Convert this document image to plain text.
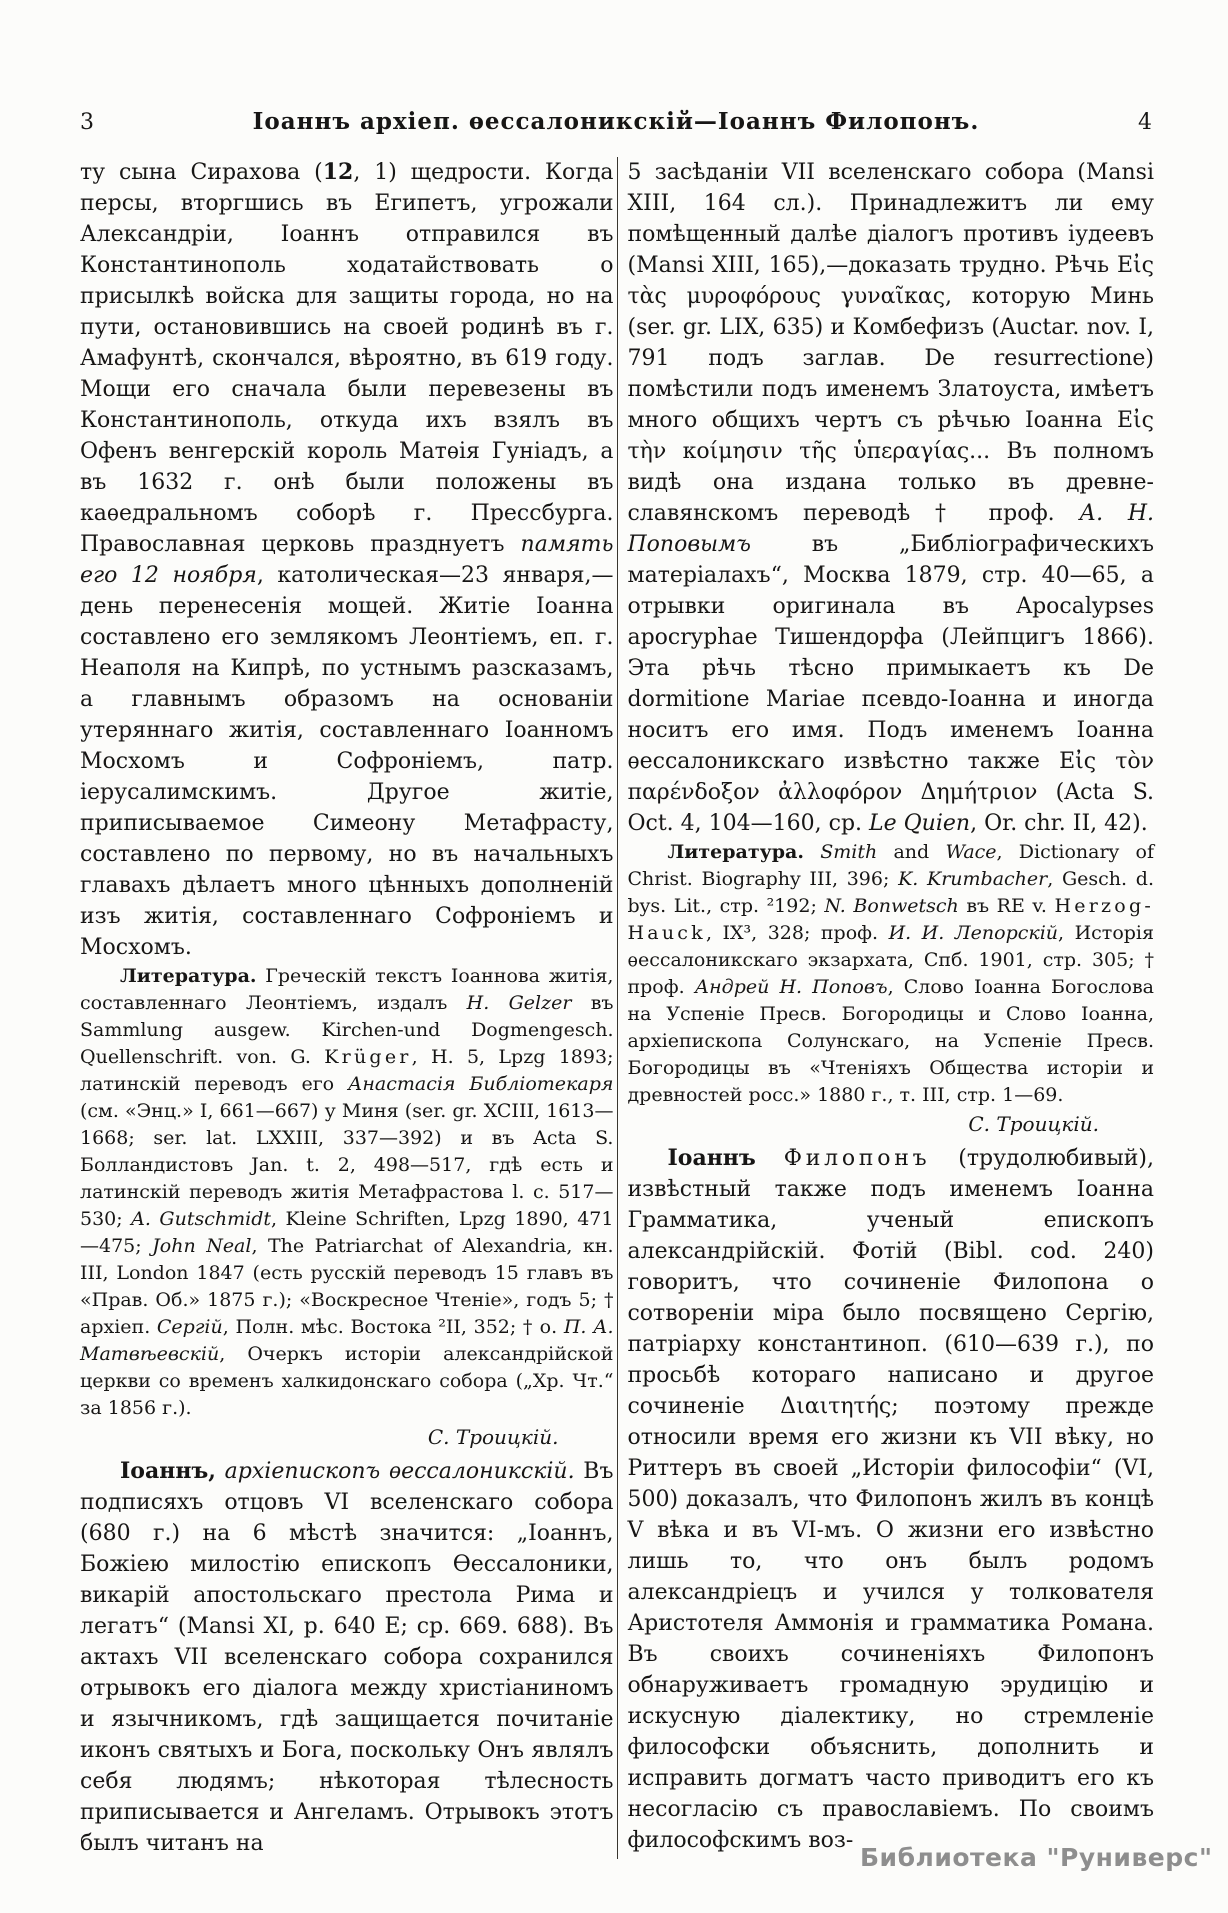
3	Іоаннъ архіеп. ѳессалоникскій—Іоаннъ Филопонъ.	4

ту сына Сирахова (12, 1) щедрости. Когда персы, вторгшись въ Египетъ, угрожали Александріи, Іоаннъ отправился въ Константинополь ходатайствовать о присылкѣ войска для защиты города, но на пути, остановившись на своей родинѣ въ г. Амафунтѣ, скончался, вѣроятно, въ 619 году. Мощи его сначала были перевезены въ Константинополь, откуда ихъ взялъ въ Офенъ венгерскій король Матѳія Гуніадъ, а въ 1632 г. онѣ были положены въ каѳедральномъ соборѣ г. Прессбурга. Православная церковь празднуетъ память его 12 ноября, католическая—23 января,—день перенесенія мощей. Житіе Іоанна составлено его землякомъ Леонтіемъ, еп. г. Неаполя на Кипрѣ, по устнымъ разсказамъ, а главнымъ образомъ на основаніи утеряннаго житія, составленнаго Іоанномъ Мосхомъ и Софроніемъ, патр. іерусалимскимъ. Другое житіе, приписываемое Симеону Метафрасту, составлено по первому, но въ начальныхъ главахъ дѣлаетъ много цѣнныхъ дополненій изъ житія, составленнаго Софроніемъ и Мосхомъ.

Литература. Греческій текстъ Іоаннова житія, составленнаго Леонтіемъ, издалъ H. Gelzer въ Sammlung ausgew. Kirchen-und Dogmengesch. Quellenschrift. von. G. Krüger, H. 5, Lpzg 1893; латинскій переводъ его Анастасія Библіотекаря (см. «Энц.» I, 661—667) у Миня (ser. gr. XCIII, 1613—1668; ser. lat. LXXIII, 337—392) и въ Acta S. Болландистовъ Jan. t. 2, 498—517, гдѣ есть и латинскій переводъ житія Метафрастова l. c. 517—530; A. Gutschmidt, Kleine Schriften, Lpzg 1890, 471—475; John Neal, The Patriarchat of Alexandria, кн. III, London 1847 (есть русскій переводъ 15 главъ въ «Прав. Об.» 1875 г.); «Воскресное Чтеніе», годъ 5; † архіеп. Сергій, Полн. мѣс. Востока ²II, 352; † о. П. А. Матвѣевскій, Очеркъ исторіи александрійской церкви со временъ халкидонскаго собора („Хр. Чт.“ за 1856 г.).

С. Троицкій.

Іоаннъ, архіепископъ ѳессалоникскій. Въ подписяхъ отцовъ VI вселенскаго собора (680 г.) на 6 мѣстѣ значится: „Іоаннъ, Божіею милостію епископъ Ѳессалоники, викарій апостольскаго престола Рима и легатъ“ (Mansi XI, p. 640 E; ср. 669. 688). Въ актахъ VII вселенскаго собора сохранился отрывокъ его діалога между христіаниномъ и язычникомъ, гдѣ защищается почитаніе иконъ святыхъ и Бога, поскольку Онъ являлъ себя людямъ; нѣкоторая тѣлесность приписывается и Ангеламъ. Отрывокъ этотъ былъ читанъ на

5 засѣданіи VII вселенскаго собора (Mansi XIII, 164 сл.). Принадлежитъ ли ему помѣщенный далѣе діалогъ противъ іудеевъ (Mansi XIII, 165),—доказать трудно. Рѣчь Εἰς τὰς μυροφόρους γυναῖκας, которую Минь (ser. gr. LIX, 635) и Комбефизъ (Auctar. nov. I, 791 подъ заглав. De resurrectione) помѣстили подъ именемъ Златоуста, имѣетъ много общихъ чертъ съ рѣчью Іоанна Εἰς τὴν κοίμησιν τῆς ὑπεραγίας... Въ полномъ видѣ она издана только въ древне-славянскомъ переводѣ † проф. А. Н. Поповымъ въ „Библіографическихъ матеріалахъ“, Москва 1879, стр. 40—65, а отрывки оригинала въ Apocalypses apocryphae Тишендорфа (Лейпцигъ 1866). Эта рѣчь тѣсно примыкаетъ къ De dormitione Mariae псевдо-Іоанна и иногда носитъ его имя. Подъ именемъ Іоанна ѳессалоникскаго извѣстно также Εἰς τὸν παρένδοξον ἀλλοφόρον Δημήτριον (Acta S. Oct. 4, 104—160, ср. Le Quien, Or. chr. II, 42).

Литература. Smith and Wace, Dictionary of Christ. Biography III, 396; K. Krumbacher, Gesch. d. bys. Lit., стр. ²192; N. Bonwetsch въ RE v. Herzog-Hauck, IX³, 328; проф. И. И. Лепорскій, Исторія ѳессалоникскаго экзархата, Спб. 1901, стр. 305; † проф. Андрей Н. Поповъ, Слово Іоанна Богослова на Успеніе Пресв. Богородицы и Слово Іоанна, архіепископа Солунскаго, на Успеніе Пресв. Богородицы въ «Чтеніяхъ Общества исторіи и древностей росс.» 1880 г., т. III, стр. 1—69.

С. Троицкій.

Іоаннъ Филопонъ (трудолюбивый), извѣстный также подъ именемъ Іоанна Грамматика, ученый епископъ александрійскій. Фотій (Bibl. cod. 240) говоритъ, что сочиненіе Филопона о сотвореніи міра было посвящено Сергію, патріарху константиноп. (610—639 г.), по просьбѣ котораго написано и другое сочиненіе Διαιτητής; поэтому прежде относили время его жизни къ VII вѣку, но Риттеръ въ своей „Исторіи философіи“ (VI, 500) доказалъ, что Филопонъ жилъ въ концѣ V вѣка и въ VI-мъ. О жизни его извѣстно лишь то, что онъ былъ родомъ александріецъ и учился у толкователя Аристотеля Аммонія и грамматика Романа. Въ своихъ сочиненіяхъ Филопонъ обнаруживаетъ громадную эрудицію и искусную діалектику, но стремленіе философски объяснить, дополнить и исправить догматъ часто приводитъ его къ несогласію съ православіемъ. По своимъ философскимъ воз-

Библиотека "Руниверс"
